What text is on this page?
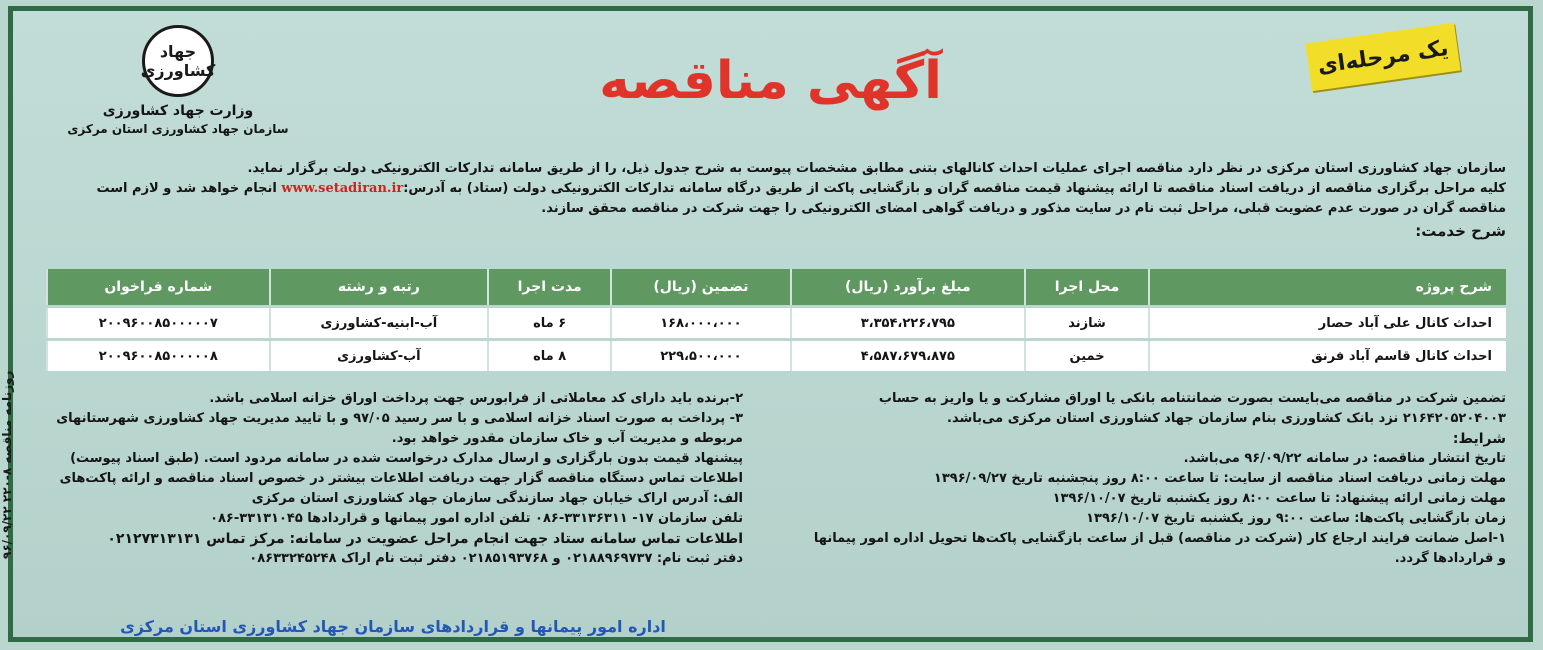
یک مرحله‌ای
آگهی مناقصه
جهاد کشاورزی
وزارت جهاد کشاورزی
سازمان جهاد کشاورزی استان مرکزی

سازمان جهاد کشاورزی استان مرکزی در نظر دارد مناقصه اجرای عملیات احداث کانالهای بتنی مطابق مشخصات پیوست به شرح جدول ذیل، را از طریق سامانه تدارکات الکترونیکی دولت برگزار نماید.

کلیه مراحل برگزاری مناقصه از دریافت اسناد مناقصه تا ارائه پیشنهاد قیمت مناقصه گران و بازگشایی پاکت از طریق درگاه سامانه تدارکات الکترونیکی دولت (ستاد) به آدرس:www.setadiran.ir انجام خواهد شد و لازم است

مناقصه گران در صورت عدم عضویت قبلی، مراحل ثبت نام در سایت مذکور و دریافت گواهی امضای الکترونیکی را جهت شرکت در مناقصه محقق سازند.

شرح خدمت:
شرح پروژه	محل اجرا	مبلغ برآورد (ریال)	تضمین (ریال)	مدت اجرا	رتبه و رشته	شماره فراخوان
احداث کانال علی آباد حصار	شازند	۳،۳۵۴،۲۲۶،۷۹۵	۱۶۸،۰۰۰،۰۰۰	۶ ماه	آب-ابنیه-کشاورزی	۲۰۰۹۶۰۰۸۵۰۰۰۰۰۷
احداث کانال قاسم آباد فرنق	خمین	۴،۵۸۷،۶۷۹،۸۷۵	۲۲۹،۵۰۰،۰۰۰	۸ ماه	آب-کشاورزی	۲۰۰۹۶۰۰۸۵۰۰۰۰۰۸

تضمین شرکت در مناقصه می‌بایست بصورت ضمانتنامه بانکی یا اوراق مشارکت و یا واریز به حساب

۲۱۶۴۲۰۵۲۰۴۰۰۳ نزد بانک کشاورزی بنام سازمان جهاد کشاورزی استان مرکزی می‌باشد.

شرایط:

تاریخ انتشار مناقصه: در سامانه ۹۶/۰۹/۲۲ می‌باشد.

مهلت زمانی دریافت اسناد مناقصه از سایت: تا ساعت ۸:۰۰ روز پنجشنبه تاریخ ۱۳۹۶/۰۹/۲۷

مهلت زمانی ارائه پیشنهاد: تا ساعت ۸:۰۰ روز یکشنبه تاریخ ۱۳۹۶/۱۰/۰۷

زمان بازگشایی پاکت‌ها: ساعت ۹:۰۰ روز یکشنبه تاریخ ۱۳۹۶/۱۰/۰۷

۱-اصل ضمانت فرایند ارجاع کار (شرکت در مناقصه) قبل از ساعت بازگشایی پاکت‌ها تحویل اداره امور پیمانها

و قراردادها گردد.

۲-برنده باید دارای کد معاملاتی از فرابورس جهت پرداخت اوراق خزانه اسلامی باشد.

۳- پرداخت به صورت اسناد خزانه اسلامی و با سر رسید ۹۷/۰۵ و با تایید مدیریت جهاد کشاورزی شهرستانهای

مربوطه و مدیریت آب و خاک سازمان مقدور خواهد بود.

پیشنهاد قیمت بدون بارگزاری و ارسال مدارک درخواست شده در سامانه مردود است. (طبق اسناد پیوست)

اطلاعات تماس دستگاه مناقصه گزار جهت دریافت اطلاعات بیشتر در خصوص اسناد مناقصه و ارائه پاکت‌های

الف: آدرس اراک خیابان جهاد سازندگی سازمان جهاد کشاورزی استان مرکزی

تلفن سازمان ۱۷- ۳۳۱۳۶۳۱۱-۰۸۶ تلفن اداره امور پیمانها و قراردادها ۳۳۱۳۱۰۴۵-۰۸۶

اطلاعات تماس سامانه ستاد جهت انجام مراحل عضویت در سامانه: مرکز تماس ۰۲۱۲۷۳۱۳۱۳۱

دفتر ثبت نام: ۰۲۱۸۸۹۶۹۷۳۷ و ۰۲۱۸۵۱۹۳۷۶۸ دفتر ثبت نام اراک ۰۸۶۳۳۲۴۵۲۴۸

اداره امور پیمانها و قراردادهای سازمان جهاد کشاورزی استان مرکزی
روزنامه مناقصه ۸-۲۲۰ ۹۶/۰۹/۲۲
